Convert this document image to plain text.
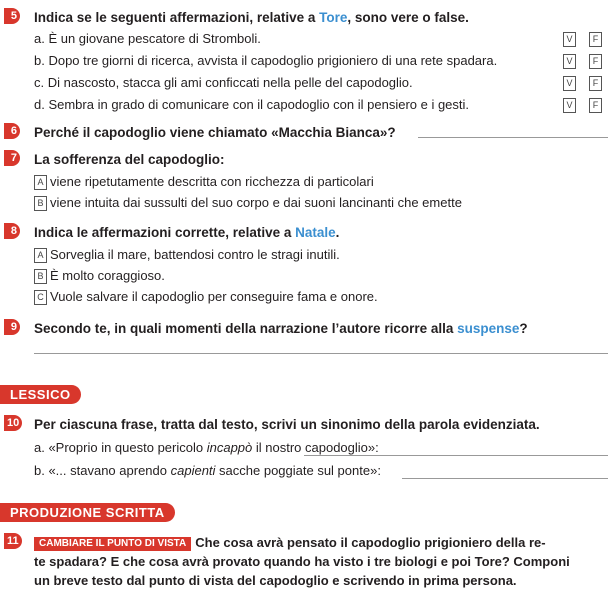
5 Indica se le seguenti affermazioni, relative a Tore, sono vere o false.
a. È un giovane pescatore di Stromboli.	V	F
b. Dopo tre giorni di ricerca, avvista il capodoglio prigioniero di una rete spadara.	V	F
c. Di nascosto, stacca gli ami conficcati nella pelle del capodoglio.	V	F
d. Sembra in grado di comunicare con il capodoglio con il pensiero e i gesti.	V	F
6 Perché il capodoglio viene chiamato «Macchia Bianca»?
7 La sofferenza del capodoglio:
A viene ripetutamente descritta con ricchezza di particolari
B viene intuita dai sussulti del suo corpo e dai suoni lancinanti che emette
8 Indica le affermazioni corrette, relative a Natale.
A Sorveglia il mare, battendosi contro le stragi inutili.
B È molto coraggioso.
C Vuole salvare il capodoglio per conseguire fama e onore.
9 Secondo te, in quali momenti della narrazione l’autore ricorre alla suspense?
LESSICO
10 Per ciascuna frase, tratta dal testo, scrivi un sinonimo della parola evidenziata.
a. «Proprio in questo pericolo incappò il nostro capodoglio»:
b. «... stavano aprendo capienti sacche poggiate sul ponte»:
PRODUZIONE SCRITTA
11	CAMBIARE IL PUNTO DI VISTA Che cosa avrà pensato il capodoglio prigioniero della re-
te spadara? E che cosa avrà provato quando ha visto i tre biologi e poi Tore? Componi
un breve testo dal punto di vista del capodoglio e scrivendo in prima persona.
